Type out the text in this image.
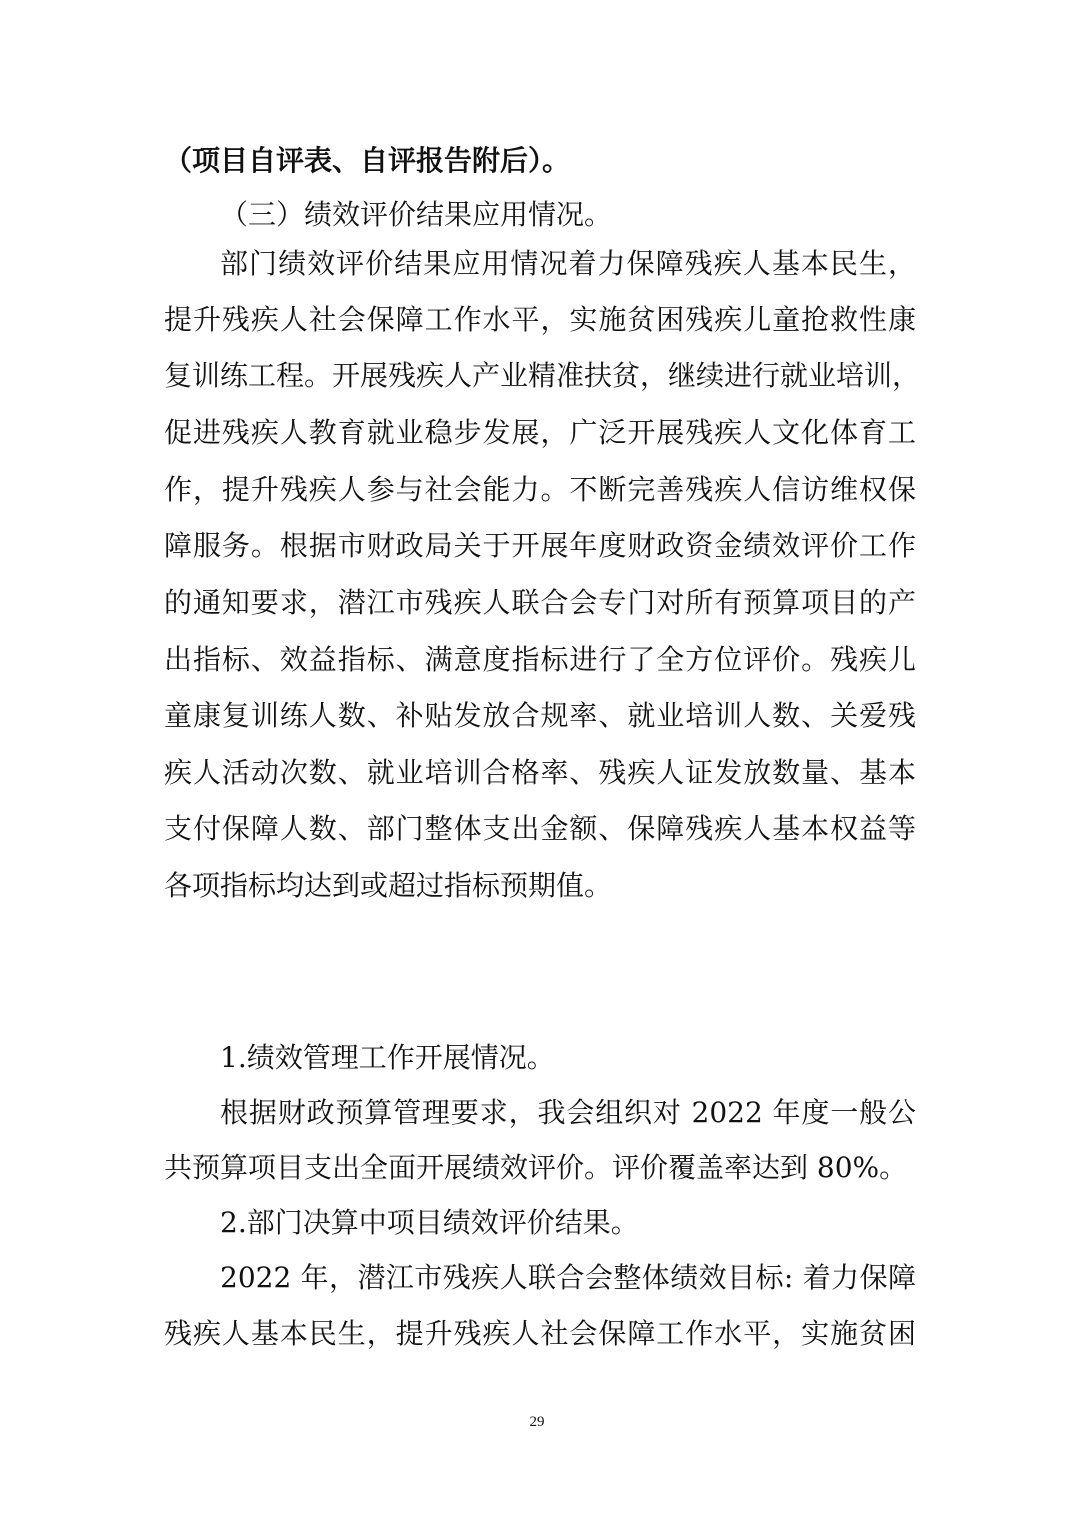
（项目自评表、自评报告附后）。
（三）绩效评价结果应用情况。
部门绩效评价结果应用情况着力保障残疾人基本民生，
提升残疾人社会保障工作水平，实施贫困残疾儿童抢救性康
复训练工程。开展残疾人产业精准扶贫，继续进行就业培训，
促进残疾人教育就业稳步发展，广泛开展残疾人文化体育工
作，提升残疾人参与社会能力。不断完善残疾人信访维权保
障服务。根据市财政局关于开展年度财政资金绩效评价工作
的通知要求，潜江市残疾人联合会专门对所有预算项目的产
出指标、效益指标、满意度指标进行了全方位评价。残疾儿
童康复训练人数、补贴发放合规率、就业培训人数、关爱残
疾人活动次数、就业培训合格率、残疾人证发放数量、基本
支付保障人数、部门整体支出金额、保障残疾人基本权益等
各项指标均达到或超过指标预期值。
1.绩效管理工作开展情况。
根据财政预算管理要求，我会组织对 2022 年度一般公
共预算项目支出全面开展绩效评价。评价覆盖率达到 80%。
2.部门决算中项目绩效评价结果。
2022 年，潜江市残疾人联合会整体绩效目标: 着力保障
残疾人基本民生，提升残疾人社会保障工作水平，实施贫困
29
